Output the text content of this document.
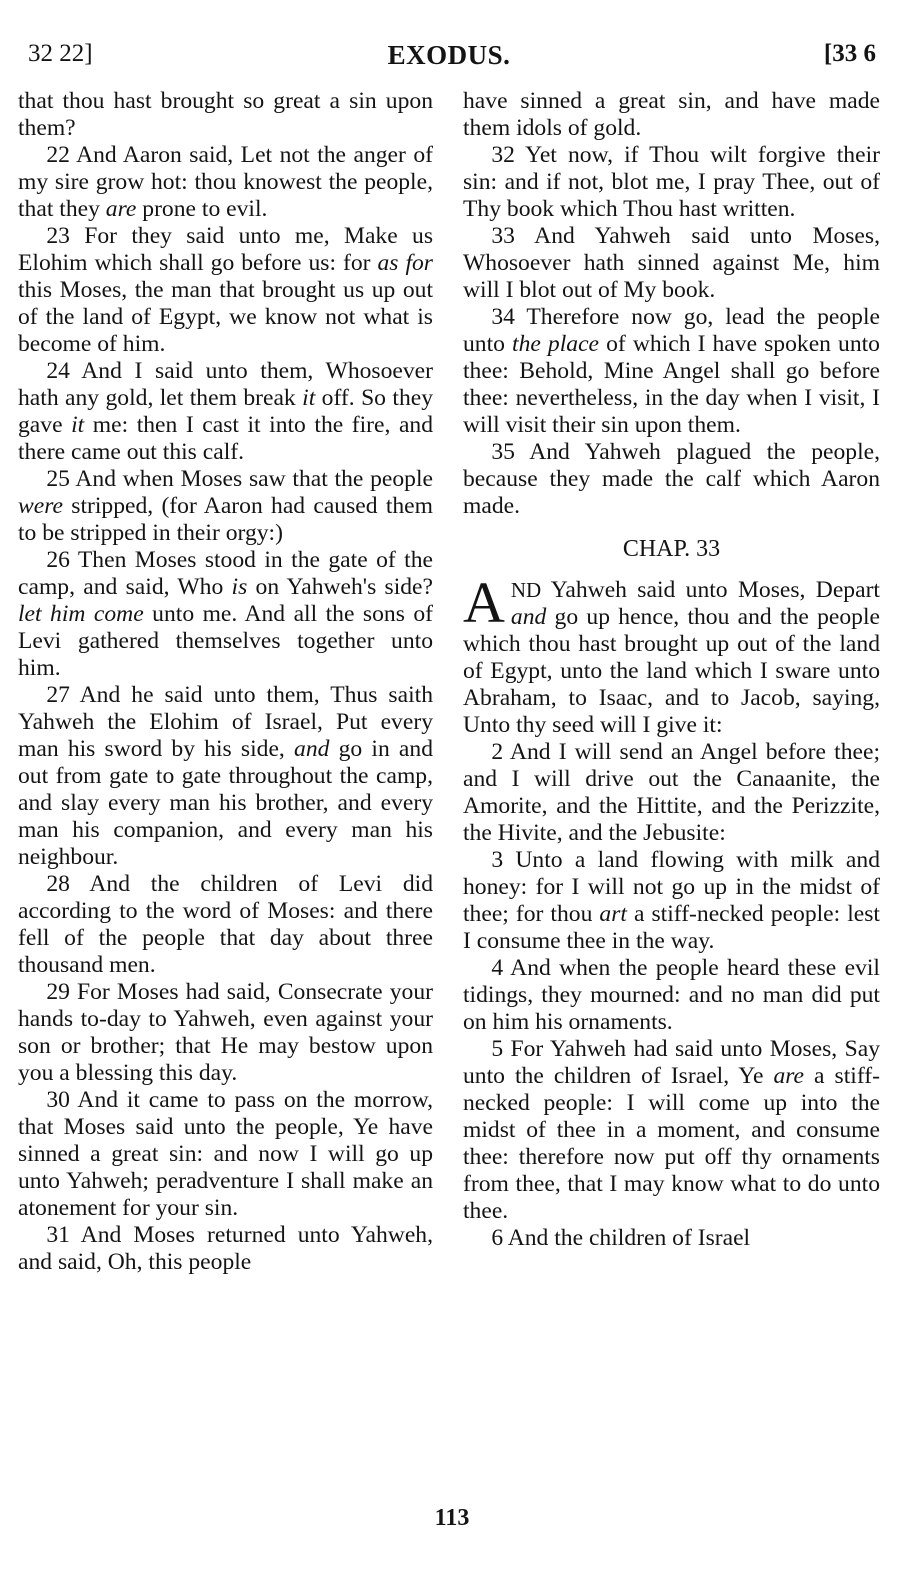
32 22]	EXODUS.	[33 6

that thou hast brought so great a sin upon them?

22 And Aaron said, Let not the anger of my sire grow hot: thou knowest the people, that they are prone to evil.

23 For they said unto me, Make us Elohim which shall go before us: for as for this Moses, the man that brought us up out of the land of Egypt, we know not what is become of him.

24 And I said unto them, Whosoever hath any gold, let them break it off. So they gave it me: then I cast it into the fire, and there came out this calf.

25 And when Moses saw that the people were stripped, (for Aaron had caused them to be stripped in their orgy:)

26 Then Moses stood in the gate of the camp, and said, Who is on Yahweh's side? let him come unto me. And all the sons of Levi gathered themselves together unto him.

27 And he said unto them, Thus saith Yahweh the Elohim of Israel, Put every man his sword by his side, and go in and out from gate to gate throughout the camp, and slay every man his brother, and every man his companion, and every man his neighbour.

28 And the children of Levi did according to the word of Moses: and there fell of the people that day about three thousand men.

29 For Moses had said, Consecrate your hands to-day to Yahweh, even against your son or brother; that He may bestow upon you a blessing this day.

30 And it came to pass on the morrow, that Moses said unto the people, Ye have sinned a great sin: and now I will go up unto Yahweh; peradventure I shall make an atonement for your sin.

31 And Moses returned unto Yahweh, and said, Oh, this people

have sinned a great sin, and have made them idols of gold.

32 Yet now, if Thou wilt forgive their sin: and if not, blot me, I pray Thee, out of Thy book which Thou hast written.

33 And Yahweh said unto Moses, Whosoever hath sinned against Me, him will I blot out of My book.

34 Therefore now go, lead the people unto the place of which I have spoken unto thee: Behold, Mine Angel shall go before thee: nevertheless, in the day when I visit, I will visit their sin upon them.

35 And Yahweh plagued the people, because they made the calf which Aaron made.

CHAP. 33

AND Yahweh said unto Moses, Depart and go up hence, thou and the people which thou hast brought up out of the land of Egypt, unto the land which I sware unto Abraham, to Isaac, and to Jacob, saying, Unto thy seed will I give it:

2 And I will send an Angel before thee; and I will drive out the Canaanite, the Amorite, and the Hittite, and the Perizzite, the Hivite, and the Jebusite:

3 Unto a land flowing with milk and honey: for I will not go up in the midst of thee; for thou art a stiff-necked people: lest I consume thee in the way.

4 And when the people heard these evil tidings, they mourned: and no man did put on him his ornaments.

5 For Yahweh had said unto Moses, Say unto the children of Israel, Ye are a stiff-necked people: I will come up into the midst of thee in a moment, and consume thee: therefore now put off thy ornaments from thee, that I may know what to do unto thee.

6 And the children of Israel

113
